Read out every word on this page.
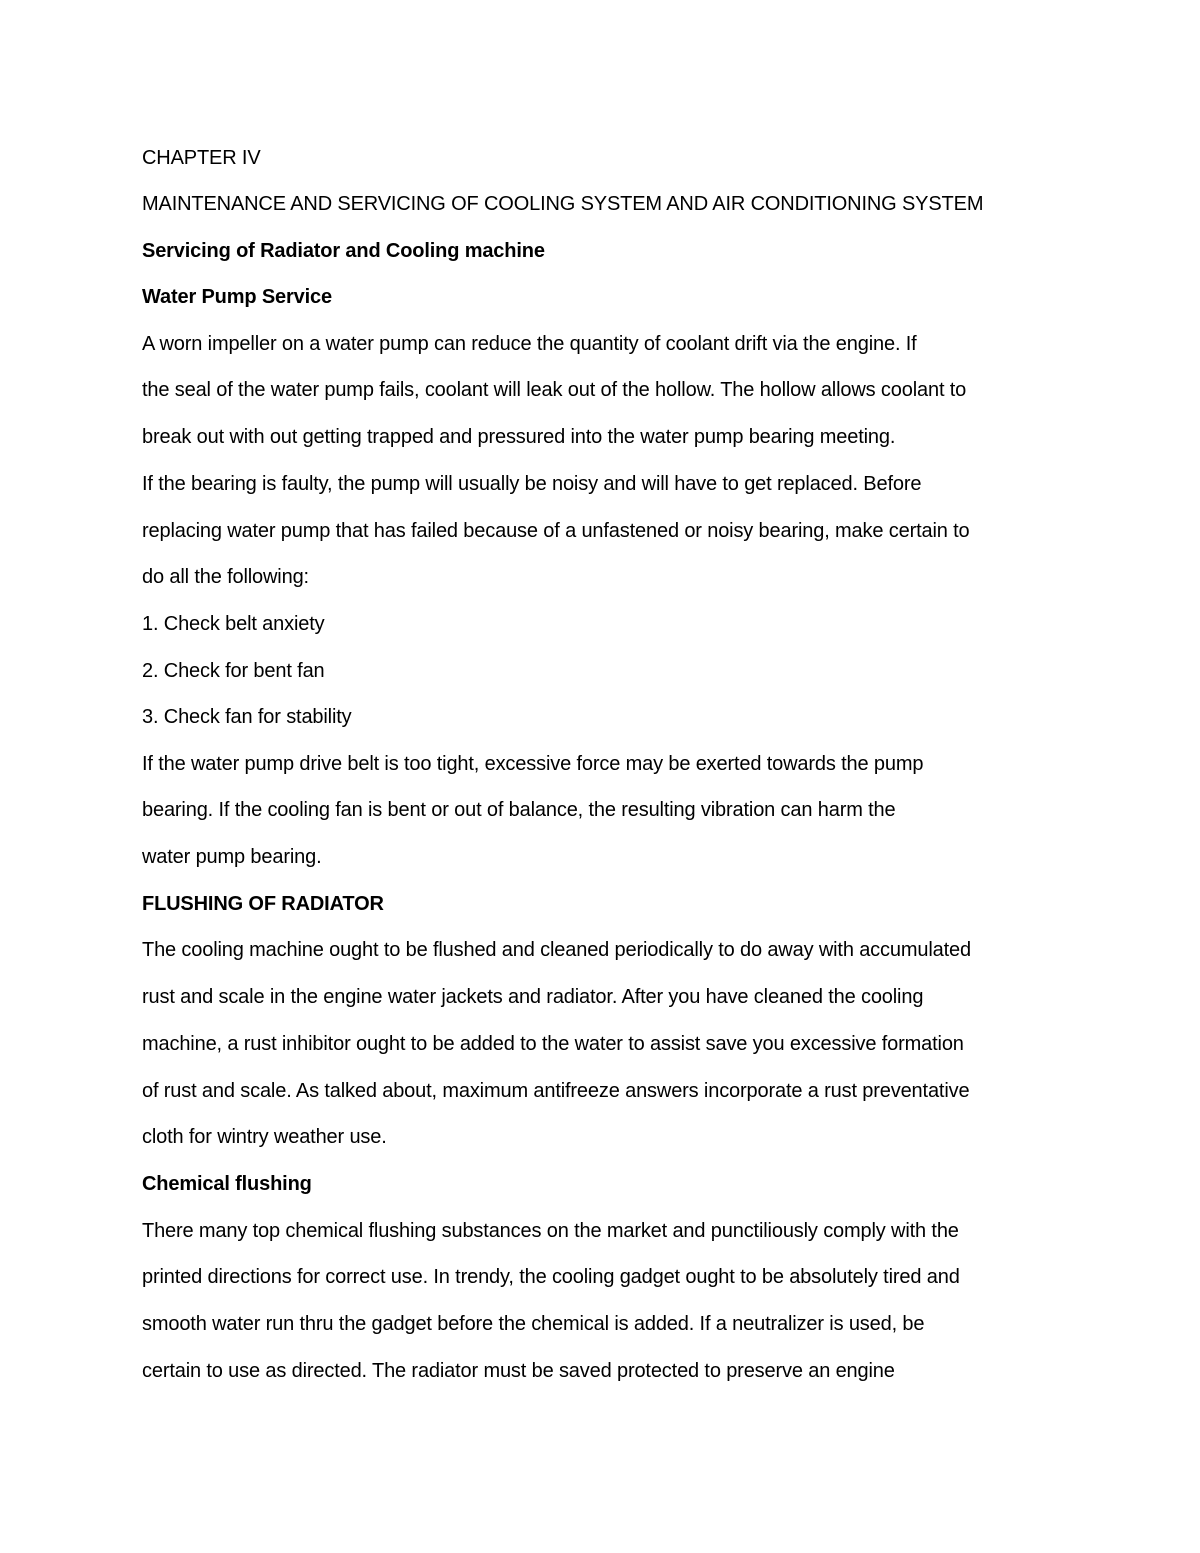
CHAPTER IV
MAINTENANCE AND SERVICING OF COOLING SYSTEM AND AIR CONDITIONING SYSTEM
Servicing of Radiator and Cooling machine
Water Pump Service
A worn impeller on a water pump can reduce the quantity of coolant drift via the engine. If
the seal of the water pump fails, coolant will leak out of the hollow. The hollow allows coolant to
break out with out getting trapped and pressured into the water pump bearing meeting.
If the bearing is faulty, the pump will usually be noisy and will have to get replaced. Before
replacing water pump that has failed because of a unfastened or noisy bearing, make certain to
do all the following:
1. Check belt anxiety
2. Check for bent fan
3. Check fan for stability
If the water pump drive belt is too tight, excessive force may be exerted towards the pump
bearing. If the cooling fan is bent or out of balance, the resulting vibration can harm the
water pump bearing.
FLUSHING OF RADIATOR
The cooling machine ought to be flushed and cleaned periodically to do away with accumulated
rust and scale in the engine water jackets and radiator. After you have cleaned the cooling
machine, a rust inhibitor ought to be added to the water to assist save you excessive formation
of rust and scale. As talked about, maximum antifreeze answers incorporate a rust preventative
cloth for wintry weather use.
Chemical flushing
There many top chemical flushing substances on the market and punctiliously comply with the
printed directions for correct use. In trendy, the cooling gadget ought to be absolutely tired and
smooth water run thru the gadget before the chemical is added. If a neutralizer is used, be
certain to use as directed. The radiator must be saved protected to preserve an engine
